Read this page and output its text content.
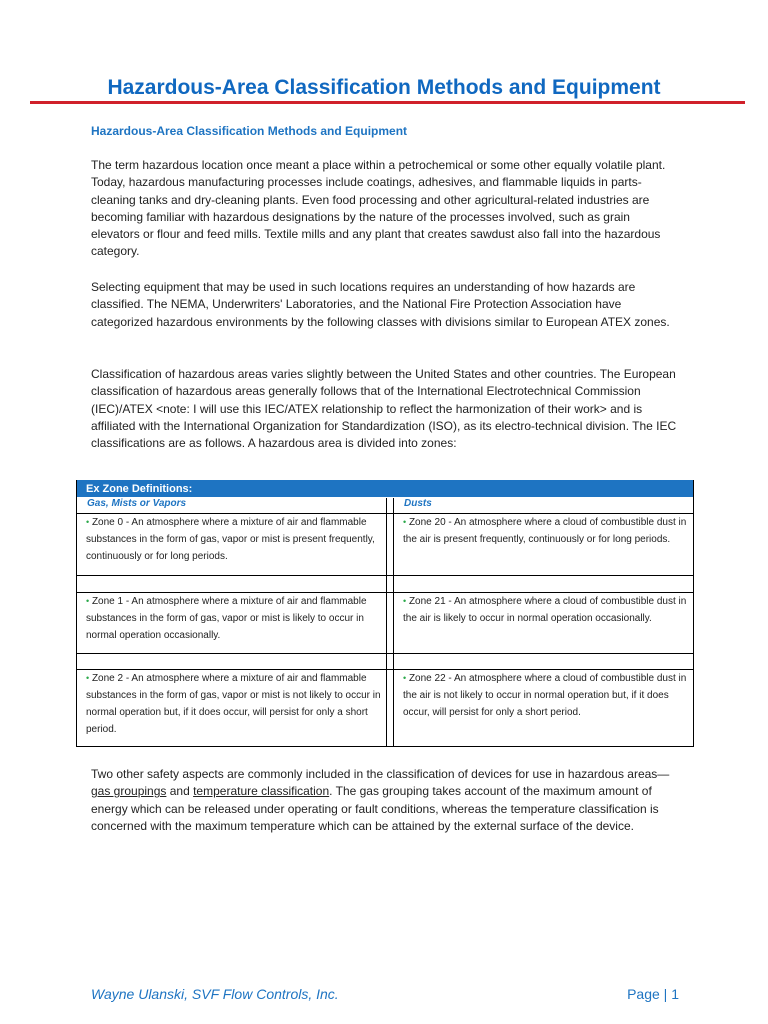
Hazardous-Area Classification Methods and Equipment
Hazardous-Area Classification Methods and Equipment

The term hazardous location once meant a place within a petrochemical or some other equally volatile plant. Today, hazardous manufacturing processes include coatings, adhesives, and flammable liquids in parts-cleaning tanks and dry-cleaning plants. Even food processing and other agricultural-related industries are becoming familiar with hazardous designations by the nature of the processes involved, such as grain elevators or flour and feed mills. Textile mills and any plant that creates sawdust also fall into the hazardous category.

Selecting equipment that may be used in such locations requires an understanding of how hazards are classified. The NEMA, Underwriters' Laboratories, and the National Fire Protection Association have categorized hazardous environments by the following classes with divisions similar to European ATEX zones.

Classification of hazardous areas varies slightly between the United States and other countries. The European classification of hazardous areas generally follows that of the International Electrotechnical Commission (IEC)/ATEX <note: I will use this IEC/ATEX relationship to reflect the harmonization of their work> and is affiliated with the International Organization for Standardization (ISO), as its electro-technical division. The IEC classifications are as follows. A hazardous area is divided into zones:

Ex Zone Definitions:
Gas, Mists or Vapors	Dusts
• Zone 0 - An atmosphere where a mixture of air and flammable substances in the form of gas, vapor or mist is present frequently, continuously or for long periods.
• Zone 20 - An atmosphere where a cloud of combustible dust in the air is present frequently, continuously or for long periods.
• Zone 1 - An atmosphere where a mixture of air and flammable substances in the form of gas, vapor or mist is likely to occur in normal operation occasionally.
• Zone 21 - An atmosphere where a cloud of combustible dust in the air is likely to occur in normal operation occasionally.
• Zone 2 - An atmosphere where a mixture of air and flammable substances in the form of gas, vapor or mist is not likely to occur in normal operation but, if it does occur, will persist for only a short period.
• Zone 22 - An atmosphere where a cloud of combustible dust in the air is not likely to occur in normal operation but, if it does occur, will persist for only a short period.

Two other safety aspects are commonly included in the classification of devices for use in hazardous areas—gas groupings and temperature classification. The gas grouping takes account of the maximum amount of energy which can be released under operating or fault conditions, whereas the temperature classification is concerned with the maximum temperature which can be attained by the external surface of the device.

Wayne Ulanski, SVF Flow Controls, Inc.	Page | 1
